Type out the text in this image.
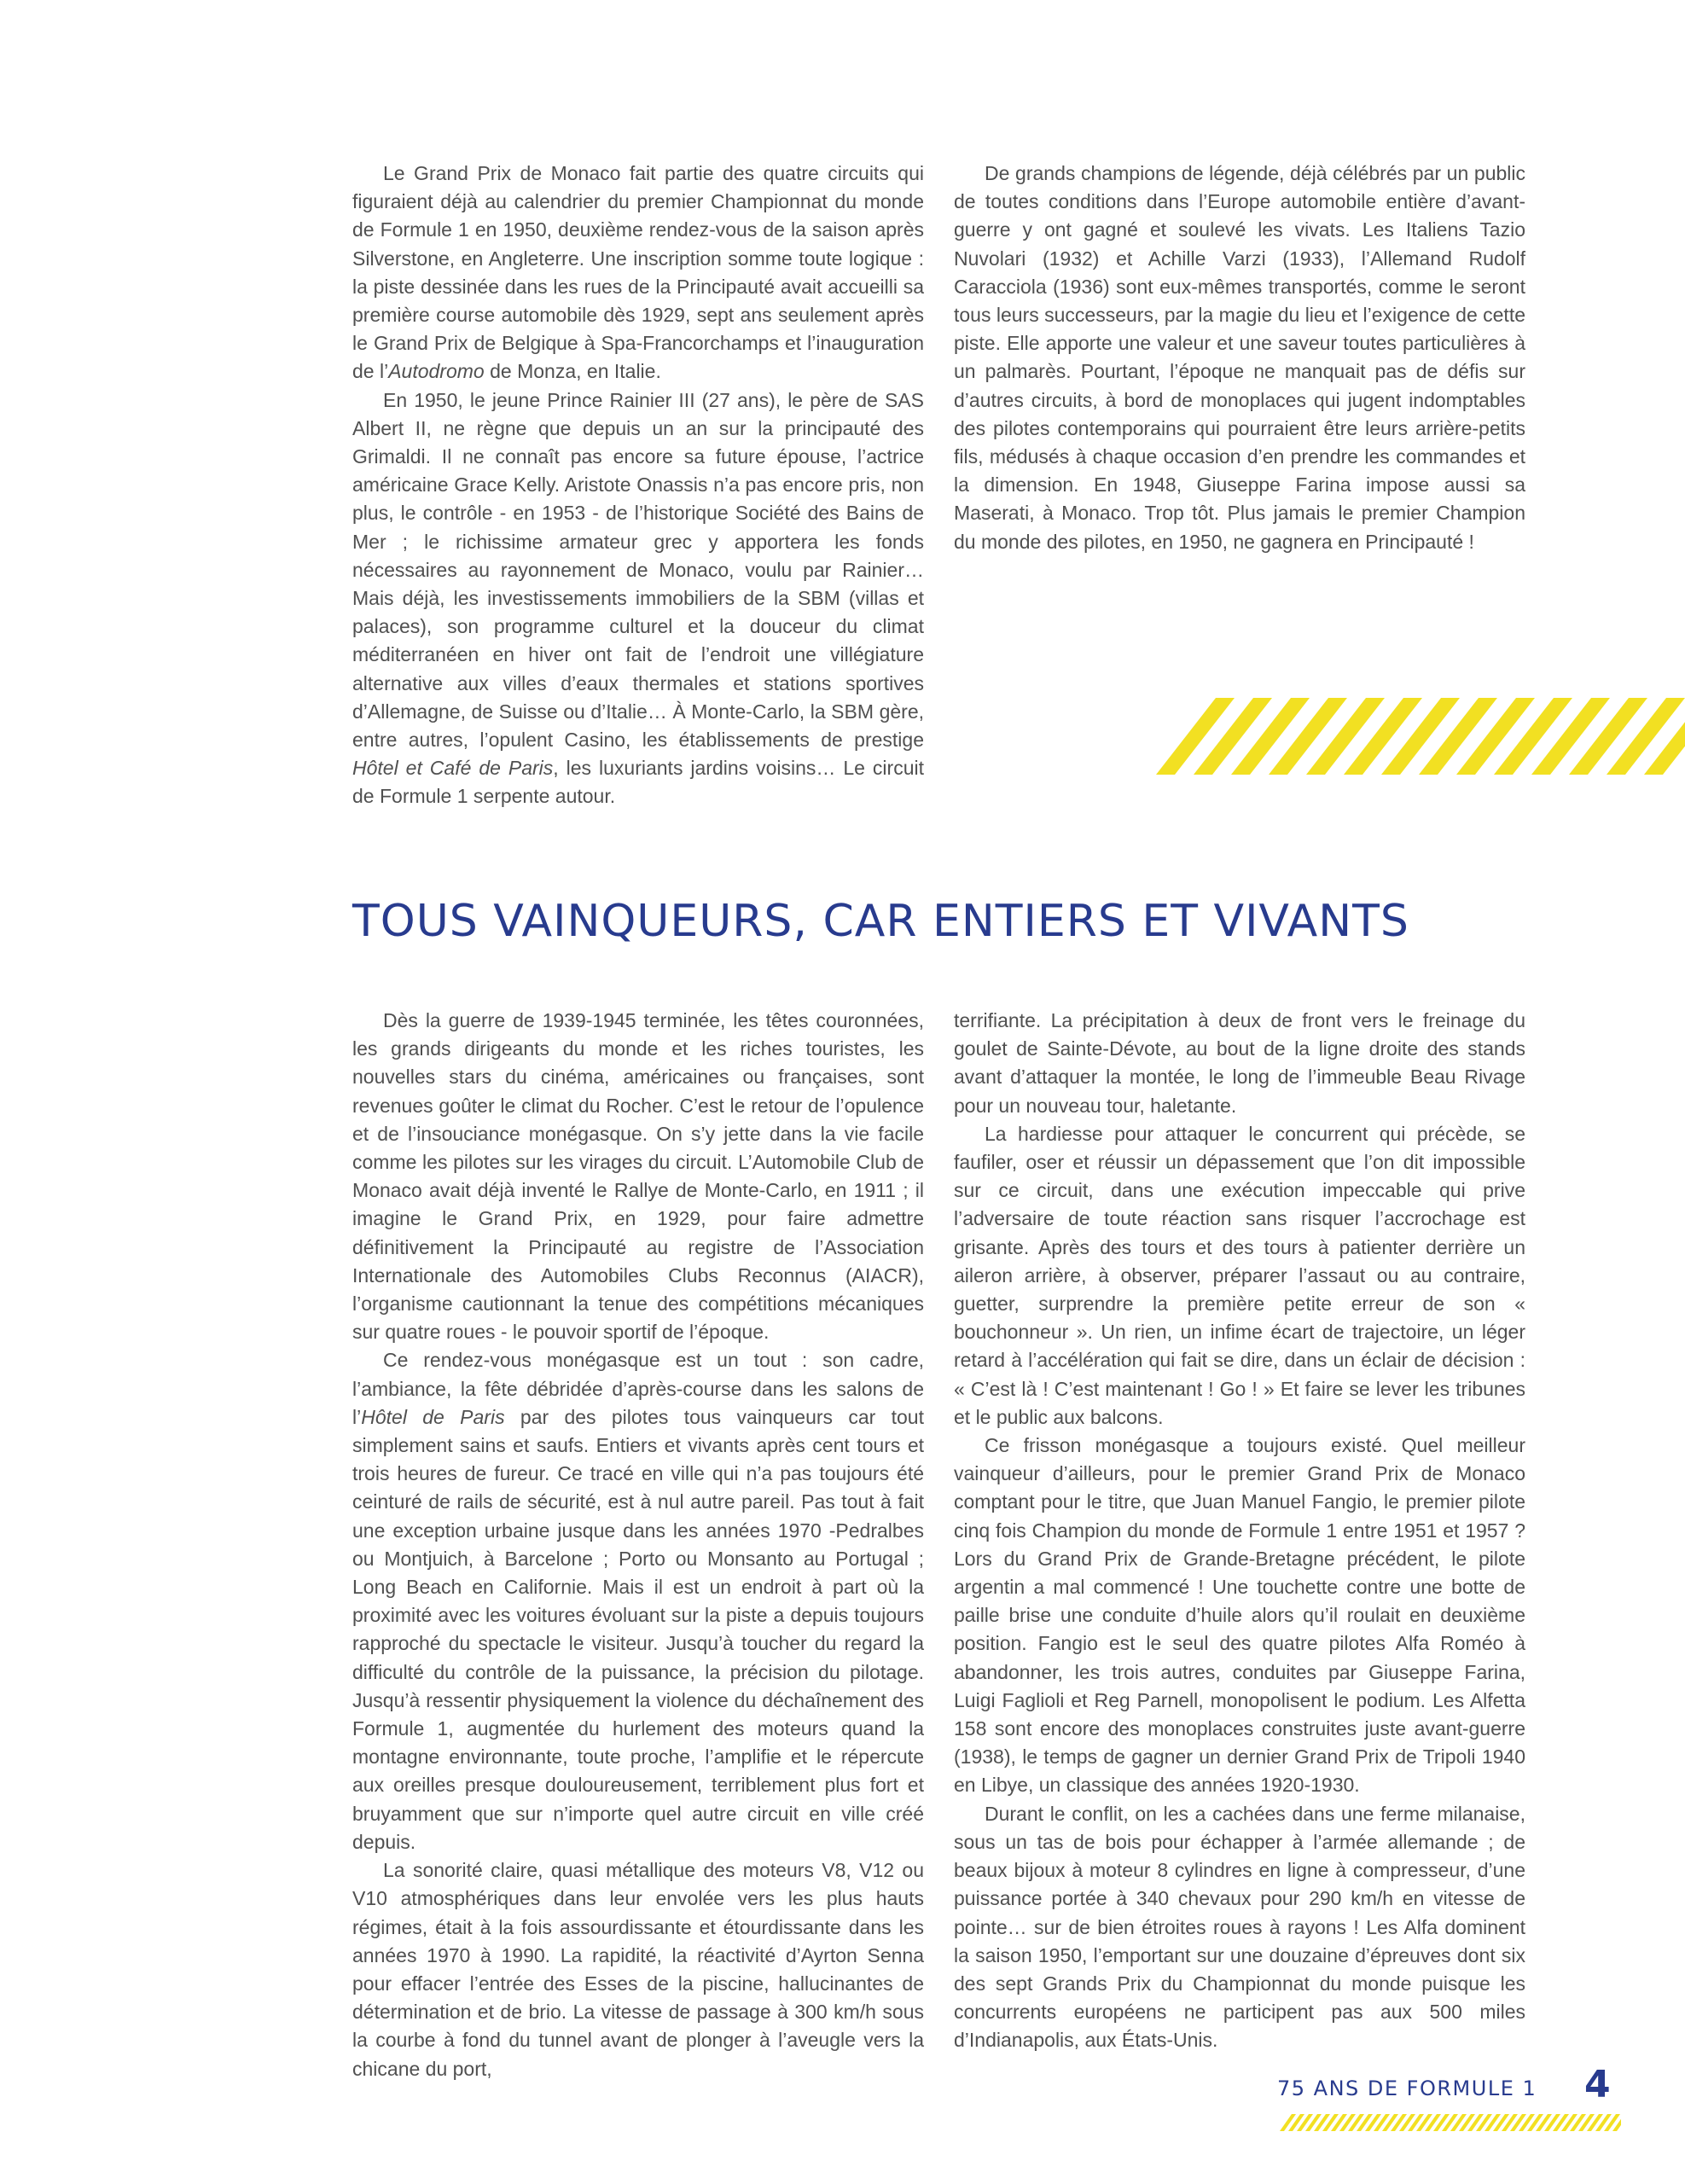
Le Grand Prix de Monaco fait partie des quatre circuits qui figuraient déjà au calendrier du premier Championnat du monde de Formule 1 en 1950, deuxième rendez-vous de la saison après Silverstone, en Angleterre. Une inscription somme toute logique : la piste dessinée dans les rues de la Principauté avait accueilli sa première course automobile dès 1929, sept ans seulement après le Grand Prix de Belgique à Spa-Francorchamps et l’inauguration de l’Autodromo de Monza, en Italie.

En 1950, le jeune Prince Rainier III (27 ans), le père de SAS Albert II, ne règne que depuis un an sur la principauté des Grimaldi. Il ne connaît pas encore sa future épouse, l’actrice américaine Grace Kelly. Aristote Onassis n’a pas encore pris, non plus, le contrôle - en 1953 - de l’historique Société des Bains de Mer ; le richissime armateur grec y apportera les fonds nécessaires au rayonnement de Monaco, voulu par Rainier… Mais déjà, les investissements immobiliers de la SBM (villas et palaces), son programme culturel et la douceur du climat méditerranéen en hiver ont fait de l’endroit une villégiature alternative aux villes d’eaux thermales et stations sportives d’Allemagne, de Suisse ou d’Italie… À Monte-Carlo, la SBM gère, entre autres, l’opulent Casino, les établissements de prestige Hôtel et Café de Paris, les luxuriants jardins voisins… Le circuit de Formule 1 serpente autour.

De grands champions de légende, déjà célébrés par un public de toutes conditions dans l’Europe automobile entière d’avant-guerre y ont gagné et soulevé les vivats. Les Italiens Tazio Nuvolari (1932) et Achille Varzi (1933), l’Allemand Rudolf Caracciola (1936) sont eux-mêmes transportés, comme le seront tous leurs successeurs, par la magie du lieu et l’exigence de cette piste. Elle apporte une valeur et une saveur toutes particulières à un palmarès. Pourtant, l’époque ne manquait pas de défis sur d’autres circuits, à bord de monoplaces qui jugent indomptables des pilotes contemporains qui pourraient être leurs arrière-petits fils, médusés à chaque occasion d’en prendre les commandes et la dimension. En 1948, Giuseppe Farina impose aussi sa Maserati, à Monaco. Trop tôt. Plus jamais le premier Champion du monde des pilotes, en 1950, ne gagnera en Principauté !

TOUS VAINQUEURS, CAR ENTIERS ET VIVANTS

Dès la guerre de 1939-1945 terminée, les têtes couronnées, les grands dirigeants du monde et les riches touristes, les nouvelles stars du cinéma, américaines ou françaises, sont revenues goûter le climat du Rocher. C’est le retour de l’opulence et de l’insouciance monégasque. On s’y jette dans la vie facile comme les pilotes sur les virages du circuit. L’Automobile Club de Monaco avait déjà inventé le Rallye de Monte-Carlo, en 1911 ; il imagine le Grand Prix, en 1929, pour faire admettre définitivement la Principauté au registre de l’Association Internationale des Automobiles Clubs Reconnus (AIACR), l’organisme cautionnant la tenue des compétitions mécaniques sur quatre roues - le pouvoir sportif de l’époque.

Ce rendez-vous monégasque est un tout : son cadre, l’ambiance, la fête débridée d’après-course dans les salons de l’Hôtel de Paris par des pilotes tous vainqueurs car tout simplement sains et saufs. Entiers et vivants après cent tours et trois heures de fureur. Ce tracé en ville qui n’a pas toujours été ceinturé de rails de sécurité, est à nul autre pareil. Pas tout à fait une exception urbaine jusque dans les années 1970 -Pedralbes ou Montjuich, à Barcelone ; Porto ou Monsanto au Portugal ; Long Beach en Californie. Mais il est un endroit à part où la proximité avec les voitures évoluant sur la piste a depuis toujours rapproché du spectacle le visiteur. Jusqu’à toucher du regard la difficulté du contrôle de la puissance, la précision du pilotage. Jusqu’à ressentir physiquement la violence du déchaînement des Formule 1, augmentée du hurlement des moteurs quand la montagne environnante, toute proche, l’amplifie et le répercute aux oreilles presque douloureusement, terriblement plus fort et bruyamment que sur n’importe quel autre circuit en ville créé depuis.

La sonorité claire, quasi métallique des moteurs V8, V12 ou V10 atmosphériques dans leur envolée vers les plus hauts régimes, était à la fois assourdissante et étourdissante dans les années 1970 à 1990. La rapidité, la réactivité d’Ayrton Senna pour effacer l’entrée des Esses de la piscine, hallucinantes de détermination et de brio. La vitesse de passage à 300 km/h sous la courbe à fond du tunnel avant de plonger à l’aveugle vers la chicane du port,

terrifiante. La précipitation à deux de front vers le freinage du goulet de Sainte-Dévote, au bout de la ligne droite des stands avant d’attaquer la montée, le long de l’immeuble Beau Rivage pour un nouveau tour, haletante.

La hardiesse pour attaquer le concurrent qui précède, se faufiler, oser et réussir un dépassement que l’on dit impossible sur ce circuit, dans une exécution impeccable qui prive l’adversaire de toute réaction sans risquer l’accrochage est grisante. Après des tours et des tours à patienter derrière un aileron arrière, à observer, préparer l’assaut ou au contraire, guetter, surprendre la première petite erreur de son « bouchonneur ». Un rien, un infime écart de trajectoire, un léger retard à l’accélération qui fait se dire, dans un éclair de décision : « C’est là ! C’est maintenant ! Go ! » Et faire se lever les tribunes et le public aux balcons.

Ce frisson monégasque a toujours existé. Quel meilleur vainqueur d’ailleurs, pour le premier Grand Prix de Monaco comptant pour le titre, que Juan Manuel Fangio, le premier pilote cinq fois Champion du monde de Formule 1 entre 1951 et 1957 ? Lors du Grand Prix de Grande-Bretagne précédent, le pilote argentin a mal commencé ! Une touchette contre une botte de paille brise une conduite d’huile alors qu’il roulait en deuxième position. Fangio est le seul des quatre pilotes Alfa Roméo à abandonner, les trois autres, conduites par Giuseppe Farina, Luigi Faglioli et Reg Parnell, monopolisent le podium. Les Alfetta 158 sont encore des monoplaces construites juste avant-guerre (1938), le temps de gagner un dernier Grand Prix de Tripoli 1940 en Libye, un classique des années 1920-1930.

Durant le conflit, on les a cachées dans une ferme milanaise, sous un tas de bois pour échapper à l’armée allemande ; de beaux bijoux à moteur 8 cylindres en ligne à compresseur, d’une puissance portée à 340 chevaux pour 290 km/h en vitesse de pointe… sur de bien étroites roues à rayons ! Les Alfa dominent la saison 1950, l’emportant sur une douzaine d’épreuves dont six des sept Grands Prix du Championnat du monde puisque les concurrents européens ne participent pas aux 500 miles d’Indianapolis, aux États-Unis.

75 ANS DE FORMULE 1 4
